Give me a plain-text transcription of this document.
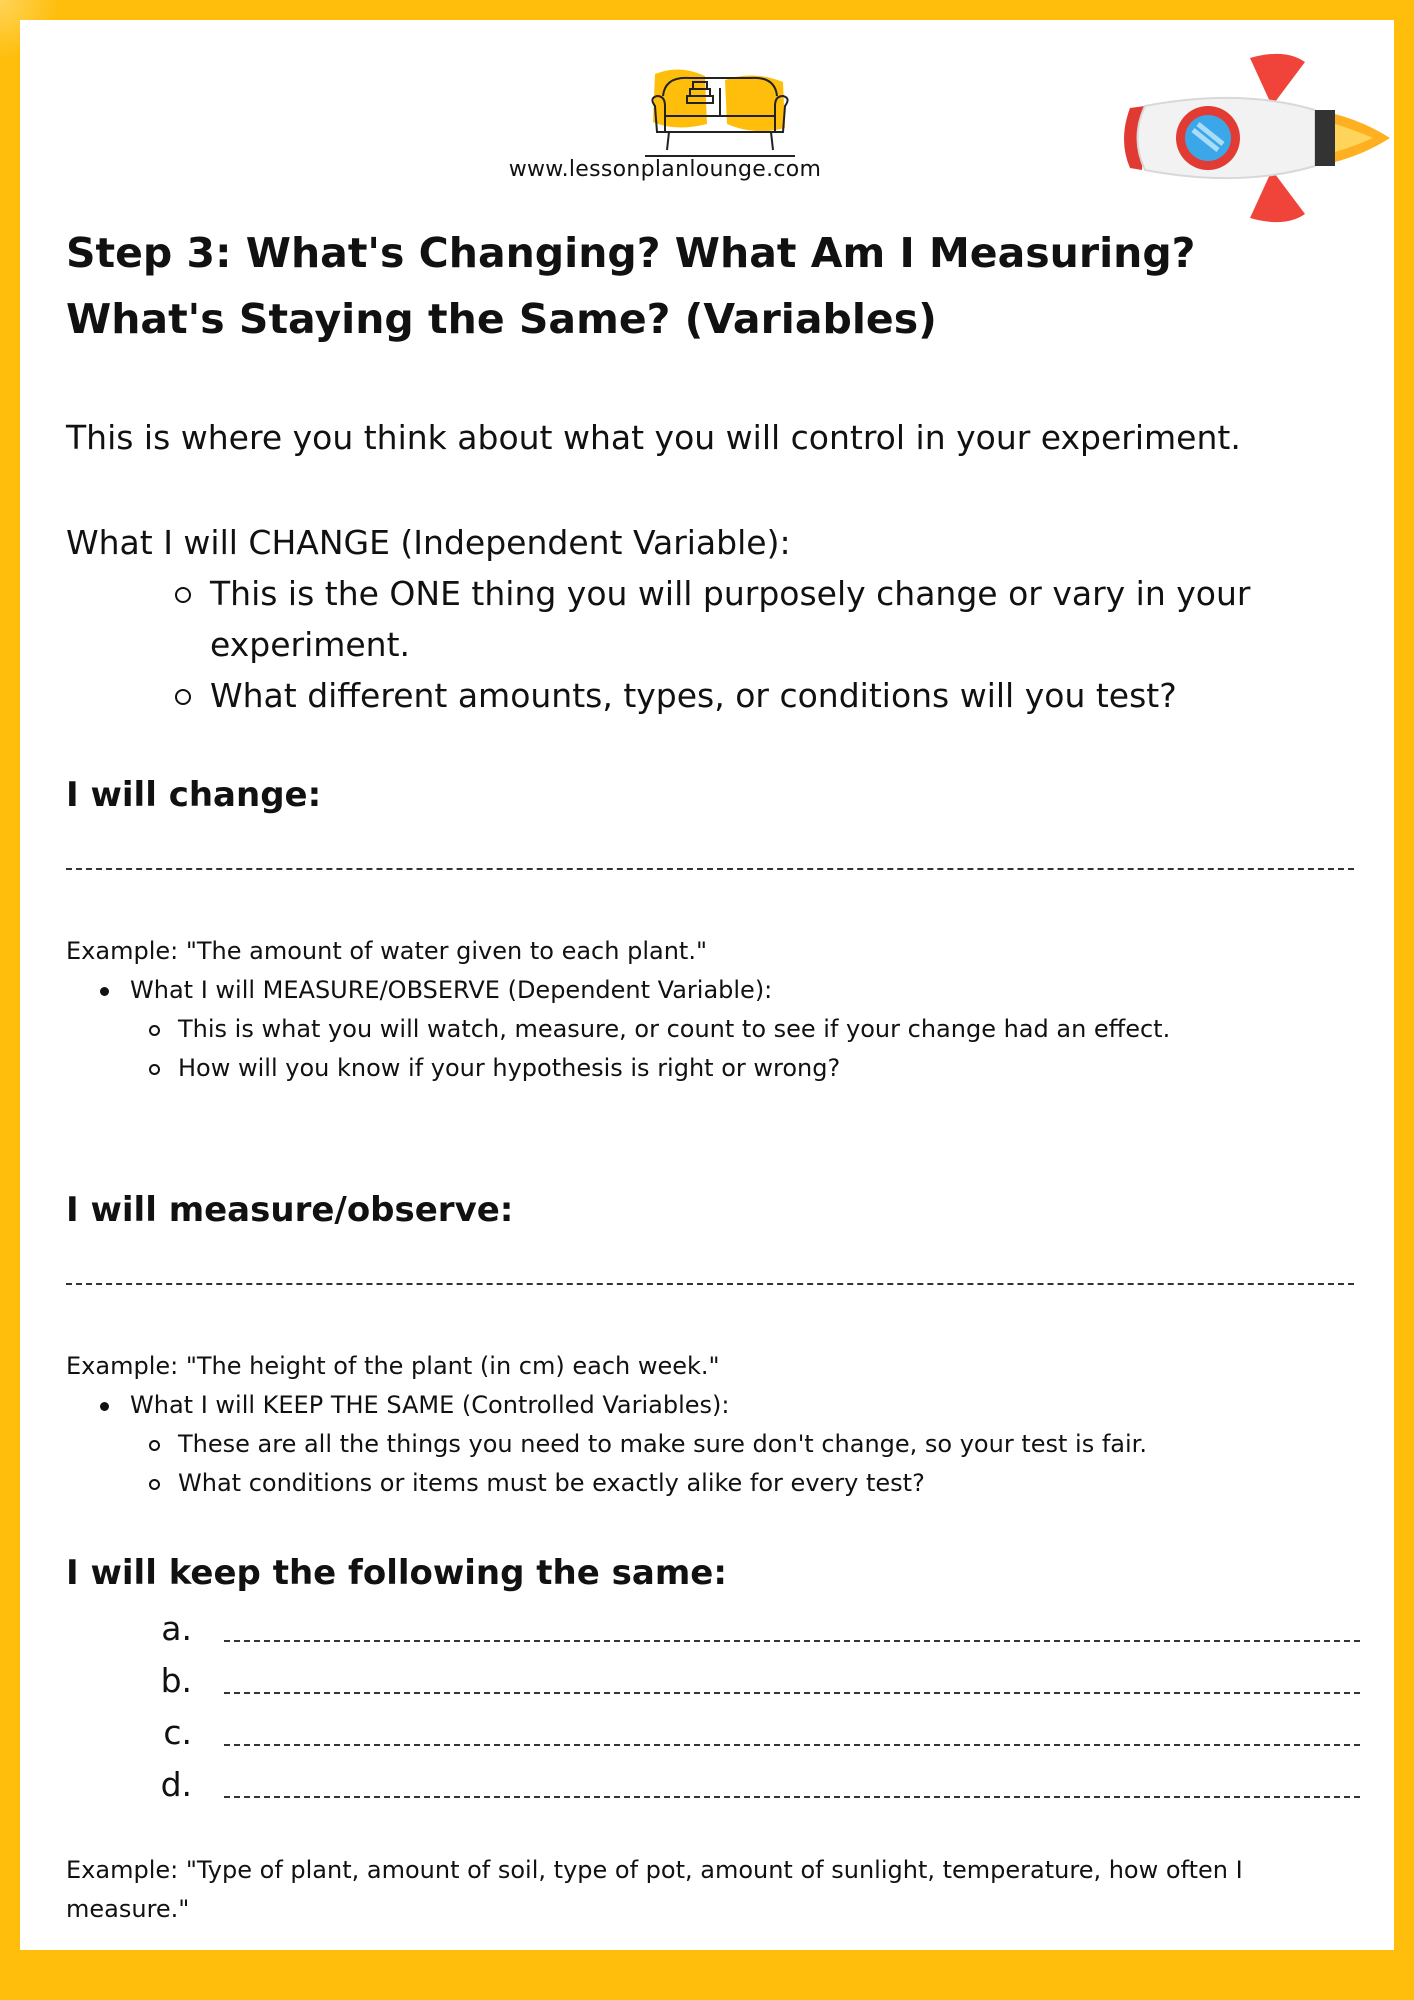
www.lessonplanlounge.com
Step 3: What's Changing? What Am I Measuring? What's Staying the Same? (Variables)

This is where you think about what you will control in your experiment.

What I will CHANGE (Independent Variable):

This is the ONE thing you will purposely change or vary in your experiment.
What different amounts, types, or conditions will you test?
I will change:

Example: "The amount of water given to each plant."

What I will MEASURE/OBSERVE (Dependent Variable):
This is what you will watch, measure, or count to see if your change had an effect.
How will you know if your hypothesis is right or wrong?
I will measure/observe:

Example: "The height of the plant (in cm) each week."

What I will KEEP THE SAME (Controlled Variables):
These are all the things you need to make sure don't change, so your test is fair.
What conditions or items must be exactly alike for every test?
I will keep the following the same:
a.
b.
c.
d.

Example: "Type of plant, amount of soil, type of pot, amount of sunlight, temperature, how often I measure."
